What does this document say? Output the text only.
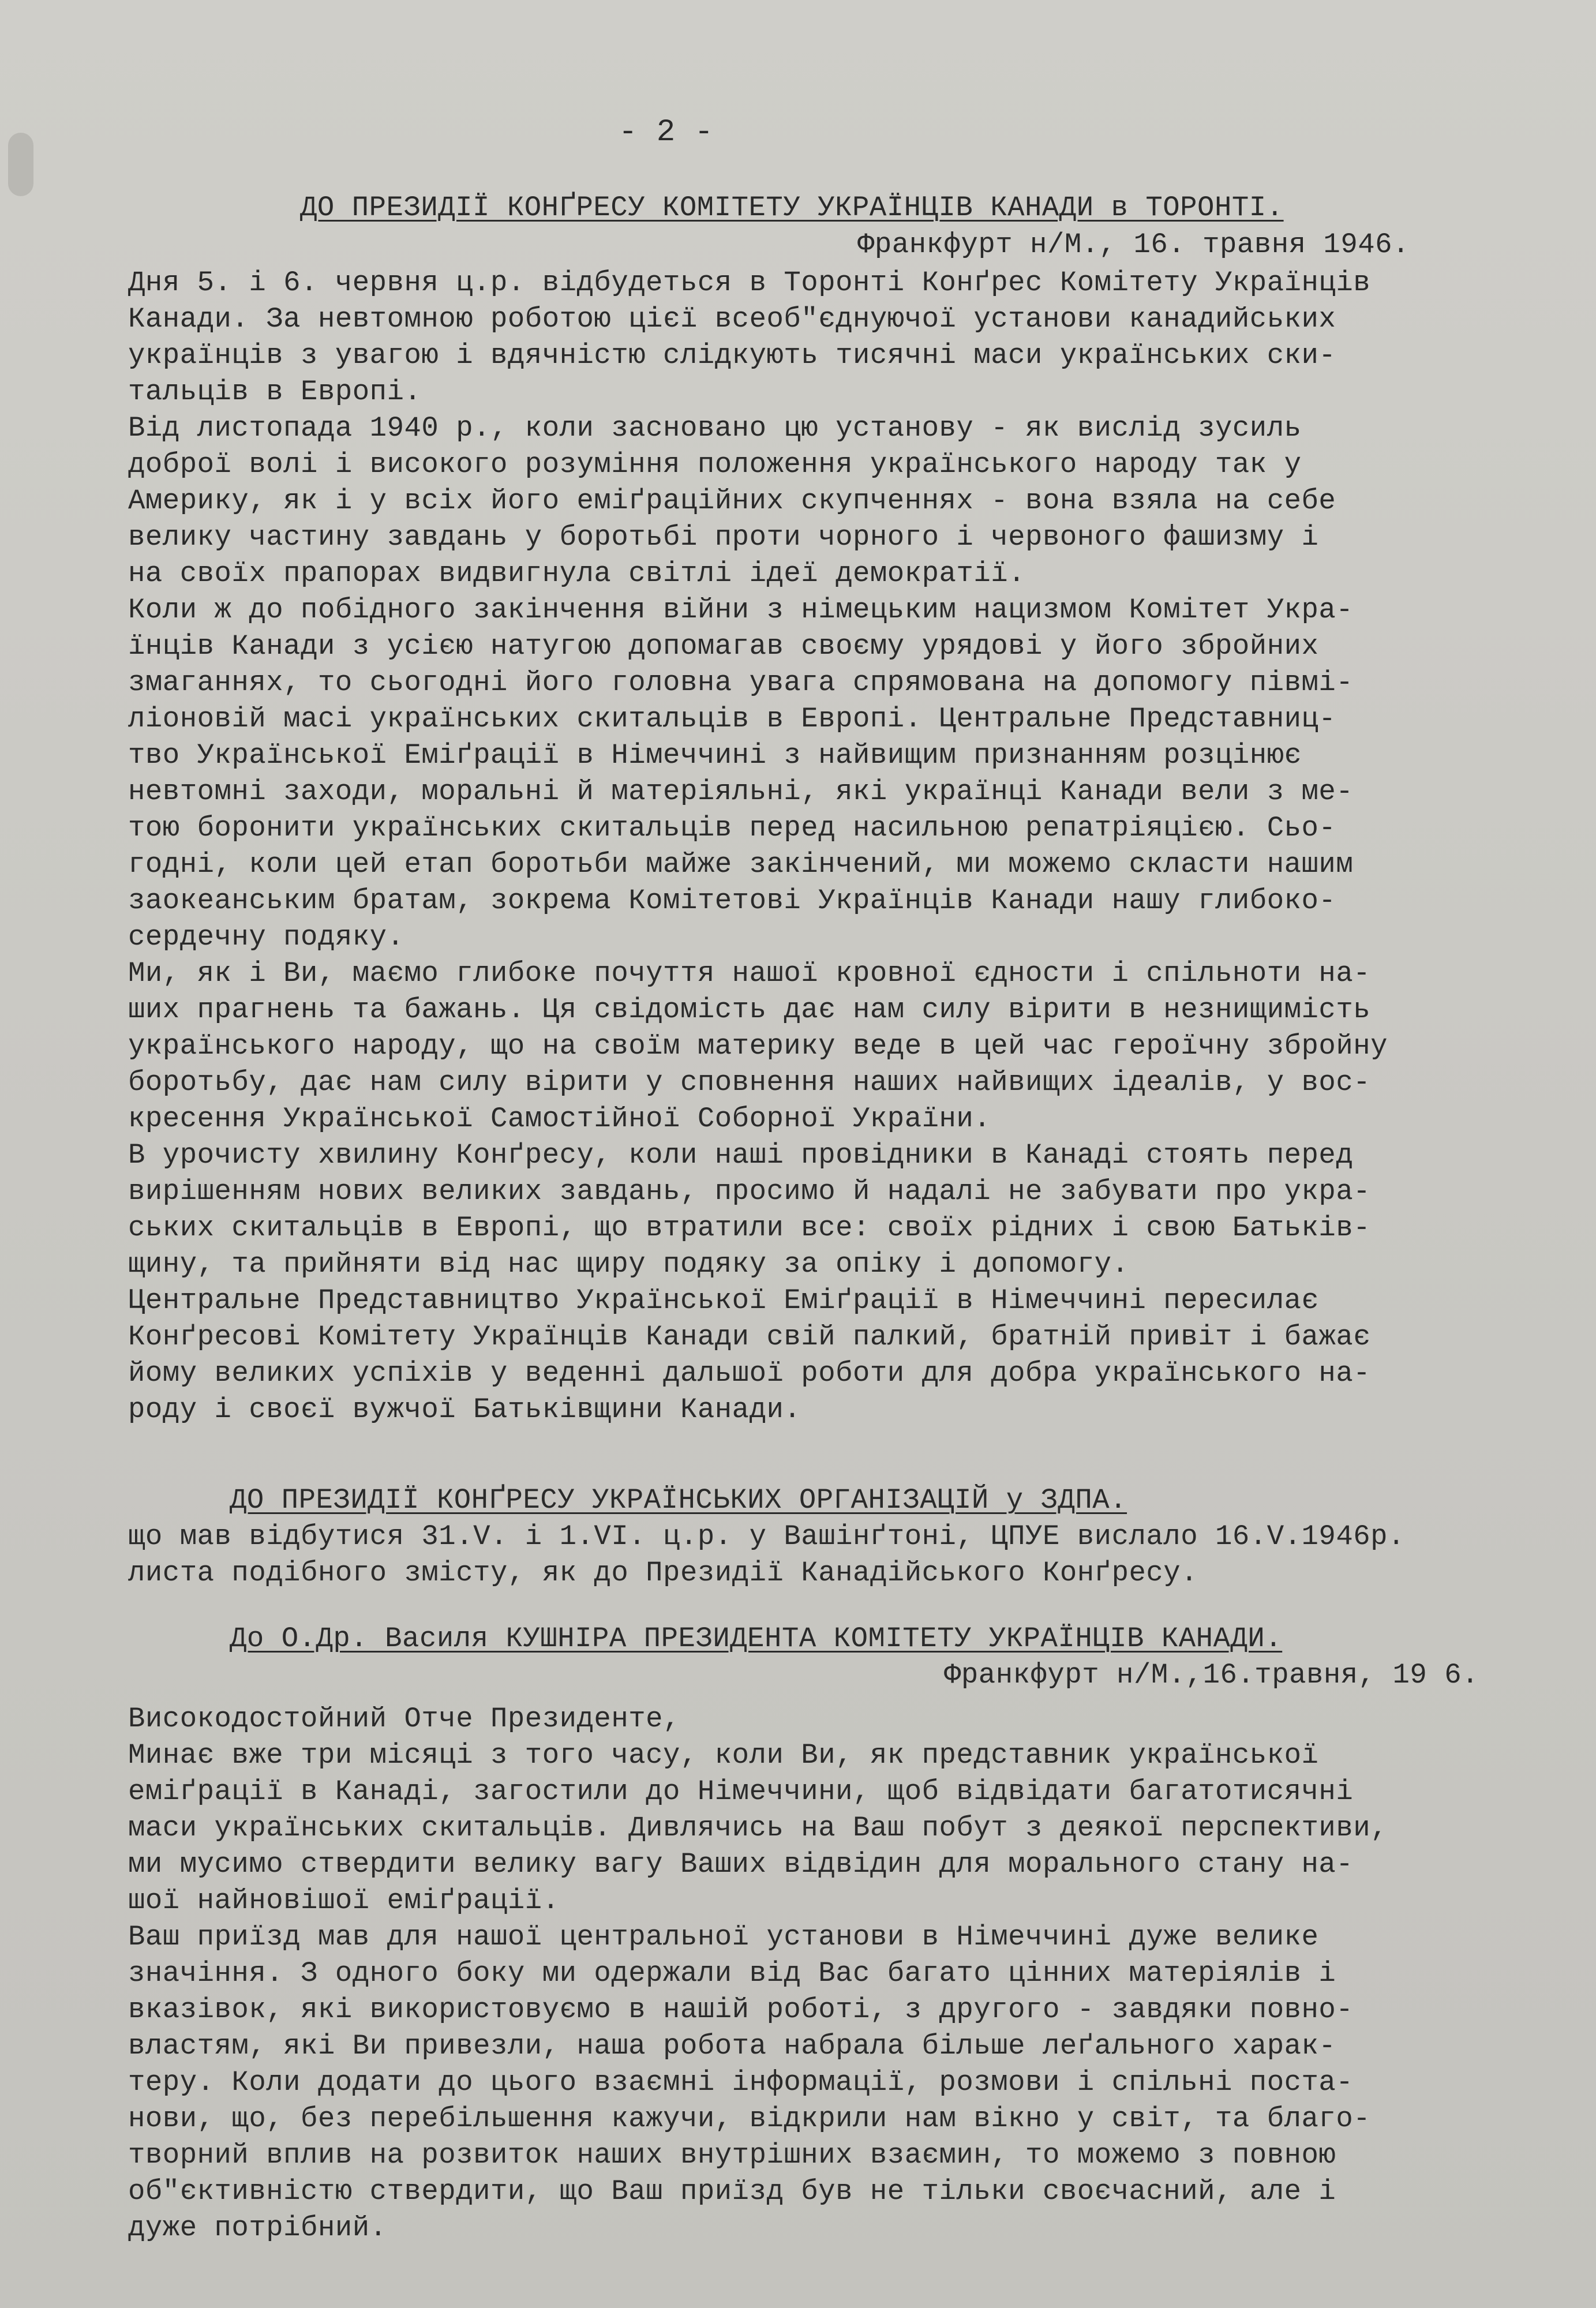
- 2 -
ДО ПРЕЗИДІЇ КОНҐРЕСУ КОМІТЕТУ УКРАЇНЦІВ КАНАДИ в ТОРОНТІ.
Франкфурт н/М., 16. травня 1946.
Дня 5. і 6. червня ц.р. відбудеться в Торонті Конґрес Комітету Українців
Канади. За невтомною роботою цієї всеоб"єднуючої установи канадийських
українців з увагою і вдячністю слідкують тисячні маси українських ски-
тальців в Европі.
Від листопада 1940 р., коли засновано цю установу - як вислід зусиль
доброї волі і високого розуміння положення українського народу так у
Америку, як і у всіх його еміґраційних скупченнях - вона взяла на себе
велику частину завдань у боротьбі проти чорного і червоного фашизму і
на своїх прапорах видвигнула світлі ідеї демократії.
Коли ж до побідного закінчення війни з німецьким нацизмом Комітет Укра-
їнців Канади з усією натугою допомагав своєму урядові у його збройних
змаганнях, то сьогодні його головна увага спрямована на допомогу півмі-
ліоновій масі українських скитальців в Европі. Центральне Представниц-
тво Української Еміґрації в Німеччині з найвищим признанням розцінює
невтомні заходи, моральні й матеріяльні, які українці Канади вели з ме-
тою боронити українських скитальців перед насильною репатріяцією. Сьо-
годні, коли цей етап боротьби майже закінчений, ми можемо скласти нашим
заокеанським братам, зокрема Комітетові Українців Канади нашу глибоко-
сердечну подяку.
Ми, як і Ви, маємо глибоке почуття нашої кровної єдности і спільноти на-
ших прагнень та бажань. Ця свідомість дає нам силу вірити в незнищимість
українського народу, що на своїм материку веде в цей час героїчну збройну
боротьбу, дає нам силу вірити у сповнення наших найвищих ідеалів, у вос-
кресення Української Самостійної Соборної України.
В урочисту хвилину Конґресу, коли наші провідники в Канаді стоять перед
вирішенням нових великих завдань, просимо й надалі не забувати про укра-
ських скитальців в Европі, що втратили все: своїх рідних і свою Батьків-
щину, та прийняти від нас щиру подяку за опіку і допомогу.
Центральне Представництво Української Еміґрації в Німеччині пересилає
Конґресові Комітету Українців Канади свій палкий, братній привіт і бажає
йому великих успіхів у веденні дальшої роботи для добра українського на-
роду і своєї вужчої Батьківщини Канади.
ДО ПРЕЗИДІЇ КОНҐРЕСУ УКРАЇНСЬКИХ ОРГАНІЗАЦІЙ у ЗДПА.
що мав відбутися 31.V. і 1.VI. ц.р. у Вашінґтоні, ЦПУЕ вислало 16.V.1946р.
листа подібного змісту, як до Президії Канадійського Конґресу.
До О.Др. Василя КУШНІРА ПРЕЗИДЕНТА КОМІТЕТУ УКРАЇНЦІВ КАНАДИ.
Франкфурт н/М.,16.травня, 19 6.
Високодостойний Отче Президенте,
Минає вже три місяці з того часу, коли Ви, як представник української
еміґрації в Канаді, загостили до Німеччини, щоб відвідати багатотисячні
маси українських скитальців. Дивлячись на Ваш побут з деякої перспективи,
ми мусимо ствердити велику вагу Ваших відвідин для морального стану на-
шої найновішої еміґрації.
Ваш приїзд мав для нашої центральної установи в Німеччині дуже велике
значіння. З одного боку ми одержали від Вас багато цінних матеріялів і
вказівок, які використовуємо в нашій роботі, з другого - завдяки повно-
властям, які Ви привезли, наша робота набрала більше леґального харак-
теру. Коли додати до цього взаємні інформації, розмови і спільні поста-
нови, що, без перебільшення кажучи, відкрили нам вікно у світ, та благо-
творний вплив на розвиток наших внутрішних взаємин, то можемо з повною
об"єктивністю ствердити, що Ваш приїзд був не тільки своєчасний, але і
дуже потрібний.
